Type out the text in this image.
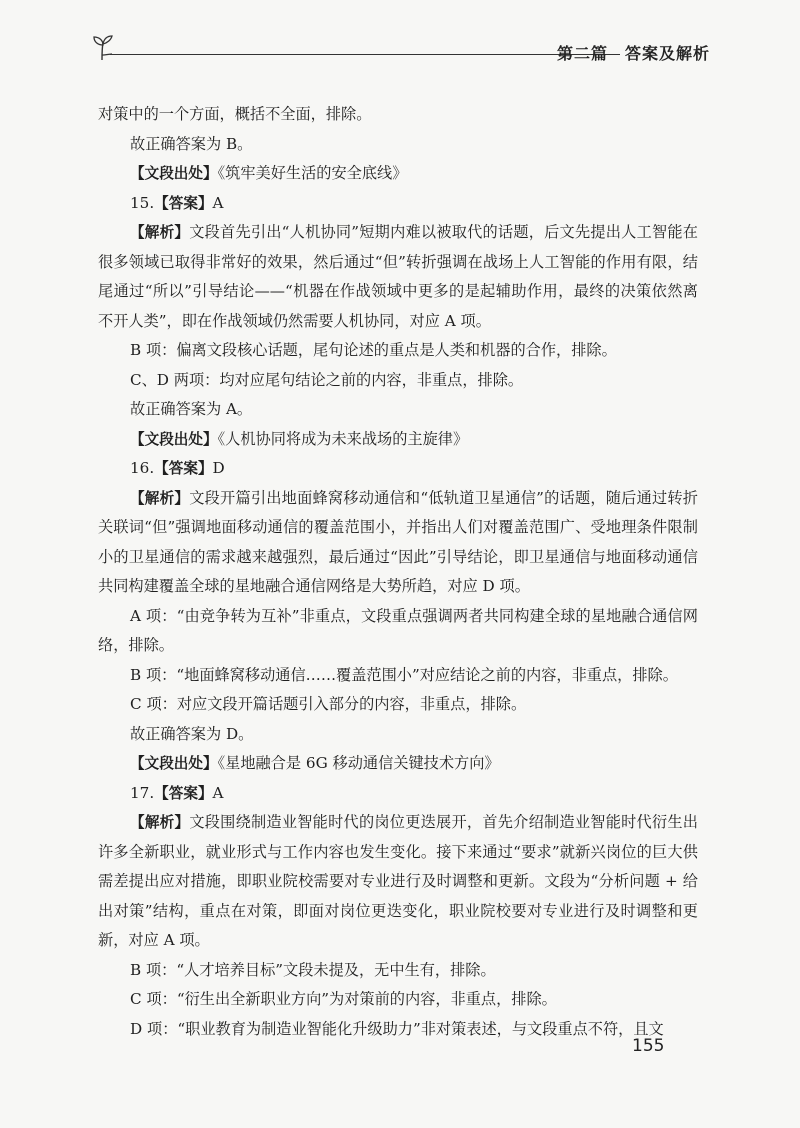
第二篇　答案及解析

对策中的一个方面，概括不全面，排除。

故正确答案为 B。

【文段出处】《筑牢美好生活的安全底线》

15.【答案】A

【解析】文段首先引出“人机协同”短期内难以被取代的话题，后文先提出人工智能在很多领域已取得非常好的效果，然后通过“但”转折强调在战场上人工智能的作用有限，结尾通过“所以”引导结论——“机器在作战领域中更多的是起辅助作用，最终的决策依然离不开人类”，即在作战领域仍然需要人机协同，对应 A 项。

B 项：偏离文段核心话题，尾句论述的重点是人类和机器的合作，排除。

C、D 两项：均对应尾句结论之前的内容，非重点，排除。

故正确答案为 A。

【文段出处】《人机协同将成为未来战场的主旋律》

16.【答案】D

【解析】文段开篇引出地面蜂窝移动通信和“低轨道卫星通信”的话题，随后通过转折关联词“但”强调地面移动通信的覆盖范围小，并指出人们对覆盖范围广、受地理条件限制小的卫星通信的需求越来越强烈，最后通过“因此”引导结论，即卫星通信与地面移动通信共同构建覆盖全球的星地融合通信网络是大势所趋，对应 D 项。

A 项：“由竞争转为互补”非重点，文段重点强调两者共同构建全球的星地融合通信网络，排除。

B 项：“地面蜂窝移动通信……覆盖范围小”对应结论之前的内容，非重点，排除。

C 项：对应文段开篇话题引入部分的内容，非重点，排除。

故正确答案为 D。

【文段出处】《星地融合是 6G 移动通信关键技术方向》

17.【答案】A

【解析】文段围绕制造业智能时代的岗位更迭展开，首先介绍制造业智能时代衍生出许多全新职业，就业形式与工作内容也发生变化。接下来通过“要求”就新兴岗位的巨大供需差提出应对措施，即职业院校需要对专业进行及时调整和更新。文段为“分析问题 + 给出对策”结构，重点在对策，即面对岗位更迭变化，职业院校要对专业进行及时调整和更新，对应 A 项。

B 项：“人才培养目标”文段未提及，无中生有，排除。

C 项：“衍生出全新职业方向”为对策前的内容，非重点，排除。

D 项：“职业教育为制造业智能化升级助力”非对策表述，与文段重点不符，且文

155
